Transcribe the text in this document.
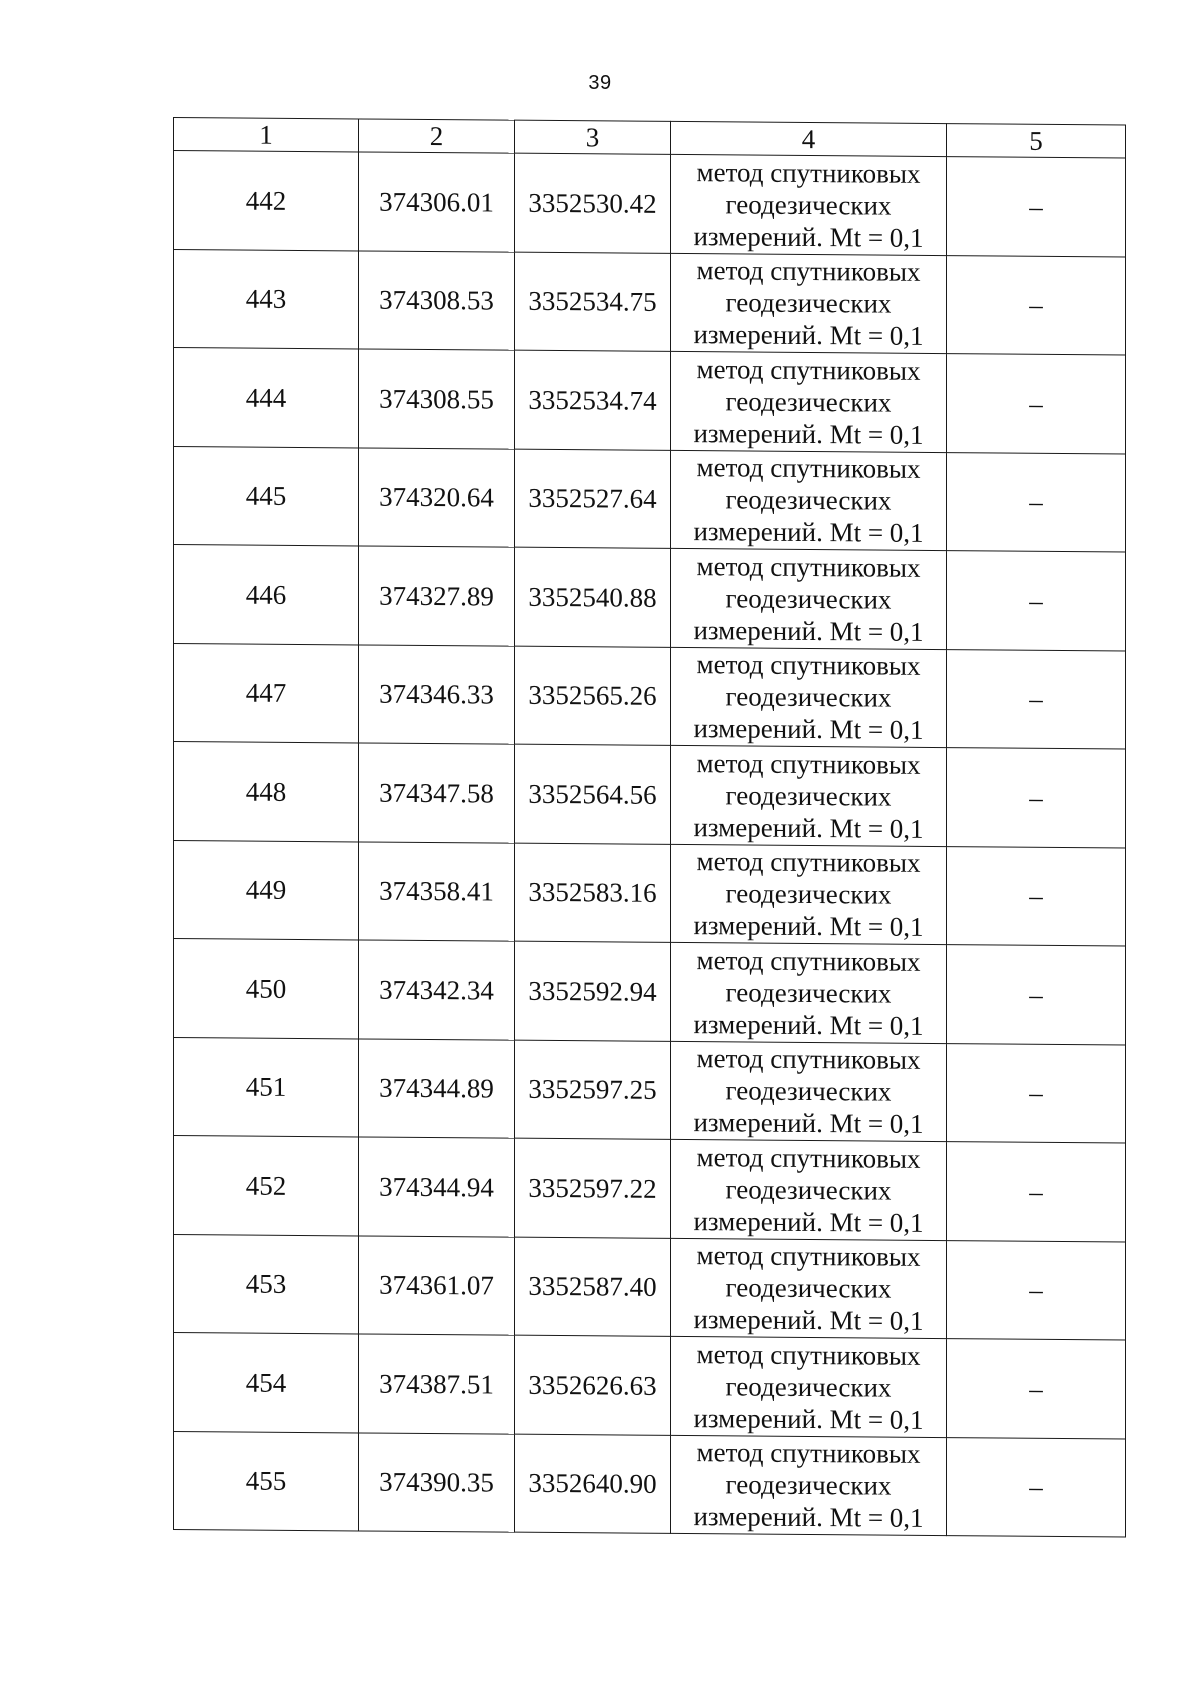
39
1	2	3	4	5
442	374306.01	3352530.42	метод спутниковых
геодезических
измерений. Mt = 0,1	–
443	374308.53	3352534.75	метод спутниковых
геодезических
измерений. Mt = 0,1	–
444	374308.55	3352534.74	метод спутниковых
геодезических
измерений. Mt = 0,1	–
445	374320.64	3352527.64	метод спутниковых
геодезических
измерений. Mt = 0,1	–
446	374327.89	3352540.88	метод спутниковых
геодезических
измерений. Mt = 0,1	–
447	374346.33	3352565.26	метод спутниковых
геодезических
измерений. Mt = 0,1	–
448	374347.58	3352564.56	метод спутниковых
геодезических
измерений. Mt = 0,1	–
449	374358.41	3352583.16	метод спутниковых
геодезических
измерений. Mt = 0,1	–
450	374342.34	3352592.94	метод спутниковых
геодезических
измерений. Mt = 0,1	–
451	374344.89	3352597.25	метод спутниковых
геодезических
измерений. Mt = 0,1	–
452	374344.94	3352597.22	метод спутниковых
геодезических
измерений. Mt = 0,1	–
453	374361.07	3352587.40	метод спутниковых
геодезических
измерений. Mt = 0,1	–
454	374387.51	3352626.63	метод спутниковых
геодезических
измерений. Mt = 0,1	–
455	374390.35	3352640.90	метод спутниковых
геодезических
измерений. Mt = 0,1	–
